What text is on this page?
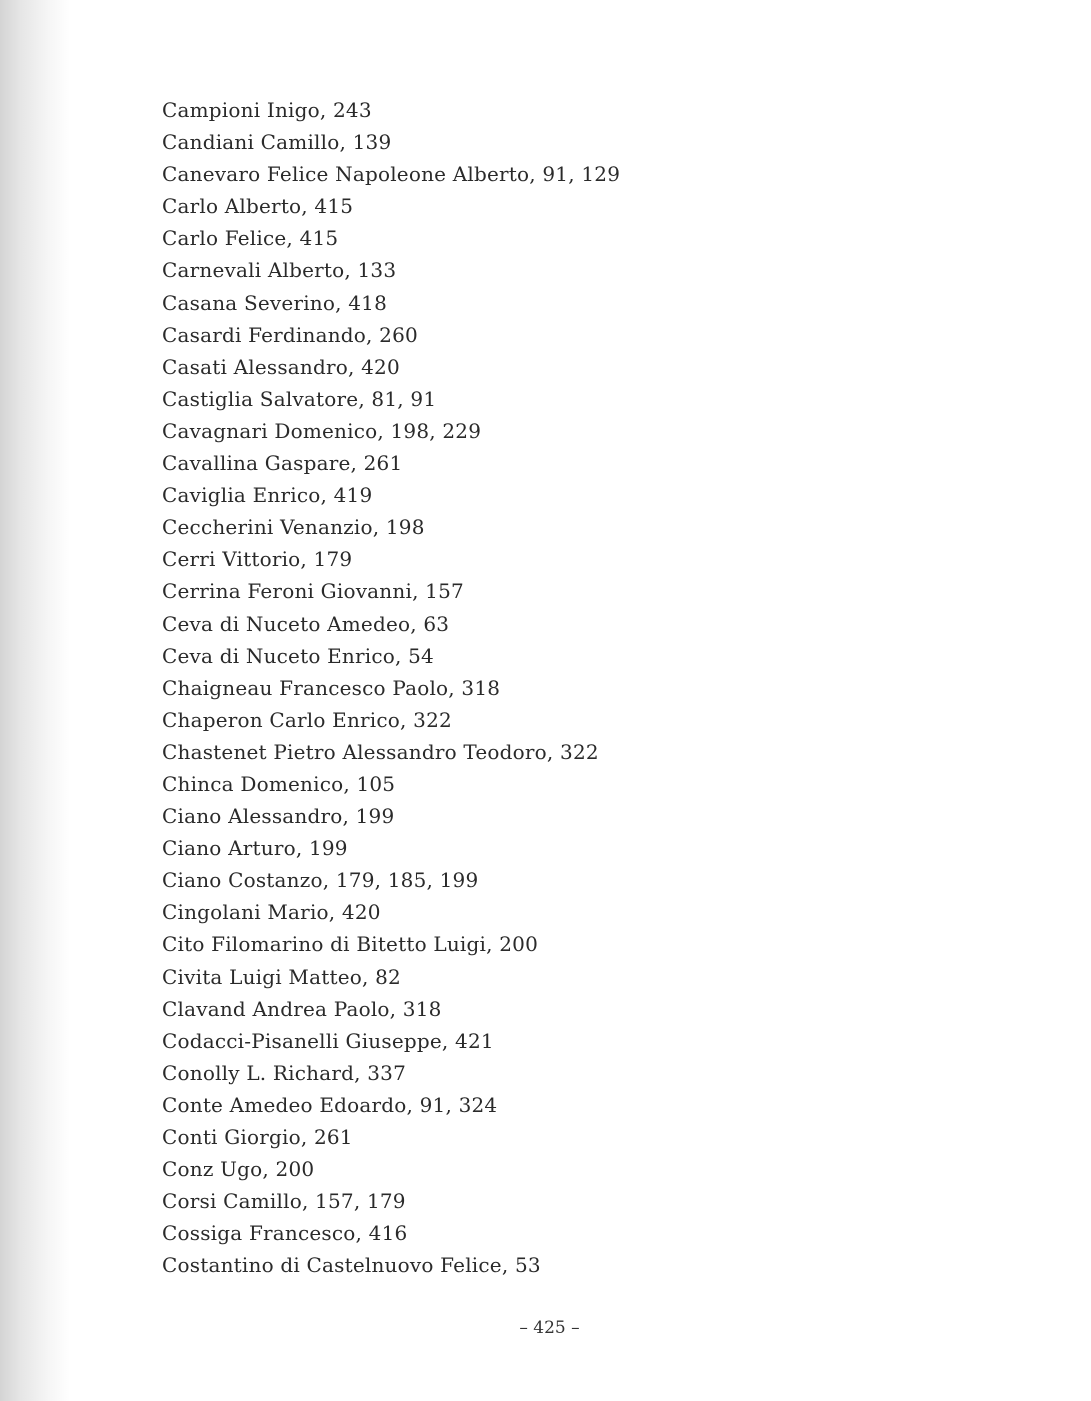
Campioni Inigo, 243
Candiani Camillo, 139
Canevaro Felice Napoleone Alberto, 91, 129
Carlo Alberto, 415
Carlo Felice, 415
Carnevali Alberto, 133
Casana Severino, 418
Casardi Ferdinando, 260
Casati Alessandro, 420
Castiglia Salvatore, 81, 91
Cavagnari Domenico, 198, 229
Cavallina Gaspare, 261
Caviglia Enrico, 419
Ceccherini Venanzio, 198
Cerri Vittorio, 179
Cerrina Feroni Giovanni, 157
Ceva di Nuceto Amedeo, 63
Ceva di Nuceto Enrico, 54
Chaigneau Francesco Paolo, 318
Chaperon Carlo Enrico, 322
Chastenet Pietro Alessandro Teodoro, 322
Chinca Domenico, 105
Ciano Alessandro, 199
Ciano Arturo, 199
Ciano Costanzo, 179, 185, 199
Cingolani Mario, 420
Cito Filomarino di Bitetto Luigi, 200
Civita Luigi Matteo, 82
Clavand Andrea Paolo, 318
Codacci-Pisanelli Giuseppe, 421
Conolly L. Richard, 337
Conte Amedeo Edoardo, 91, 324
Conti Giorgio, 261
Conz Ugo, 200
Corsi Camillo, 157, 179
Cossiga Francesco, 416
Costantino di Castelnuovo Felice, 53
– 425 –
